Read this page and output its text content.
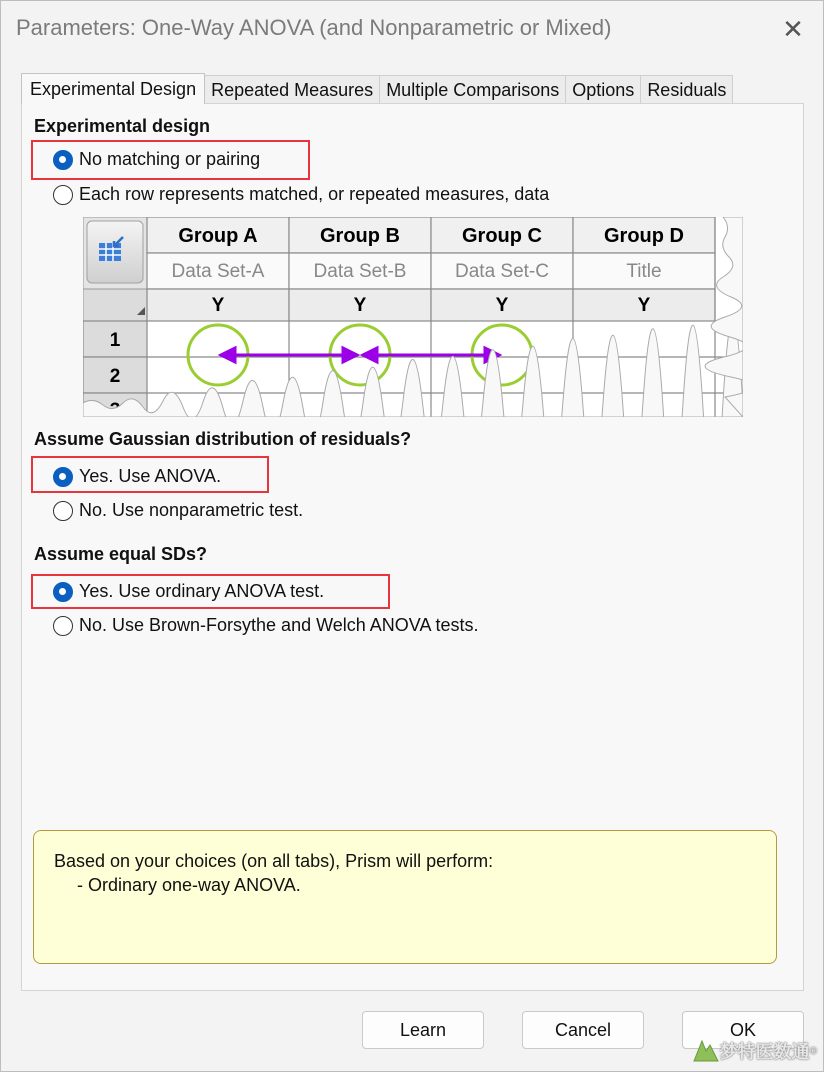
Parameters: One-Way ANOVA (and Nonparametric or Mixed)	✕
Experimental Design Repeated Measures Multiple Comparisons Options Residuals
Experimental design
No matching or pairing
Each row represents matched, or repeated measures, data
Group A	Group B	Group C	Group D
Data Set-A	Data Set-B	Data Set-C	Title
Y	Y	Y	Y
1
2
Assume Gaussian distribution of residuals?
Yes. Use ANOVA.
No. Use nonparametric test.
Assume equal SDs?
Yes. Use ordinary ANOVA test.
No. Use Brown-Forsythe and Welch ANOVA tests.
Based on your choices (on all tabs), Prism will perform:
- Ordinary one-way ANOVA.
Learn	Cancel	OK
梦特医数通 ®
